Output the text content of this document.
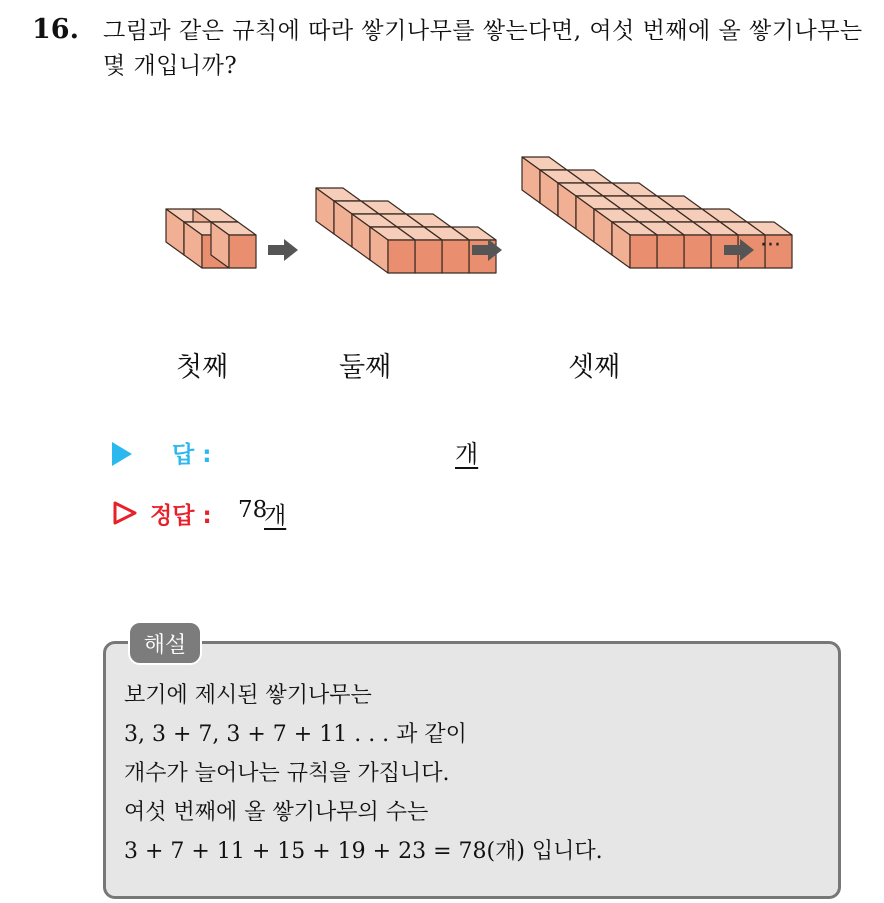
16. 그림과 같은 규칙에 따라 쌓기나무를 쌓는다면, 여섯 번째에 올 쌓기나무는 몇 개입니까?
···
첫째	둘째	셋째
답 :	개
정답 : 78
개
해설
보기에 제시된 쌓기나무는
3, 3 + 7, 3 + 7 + 11 . . . 과 같이
개수가 늘어나는 규칙을 가집니다.
여섯 번째에 올 쌓기나무의 수는
3 + 7 + 11 + 15 + 19 + 23 = 78(개) 입니다.
